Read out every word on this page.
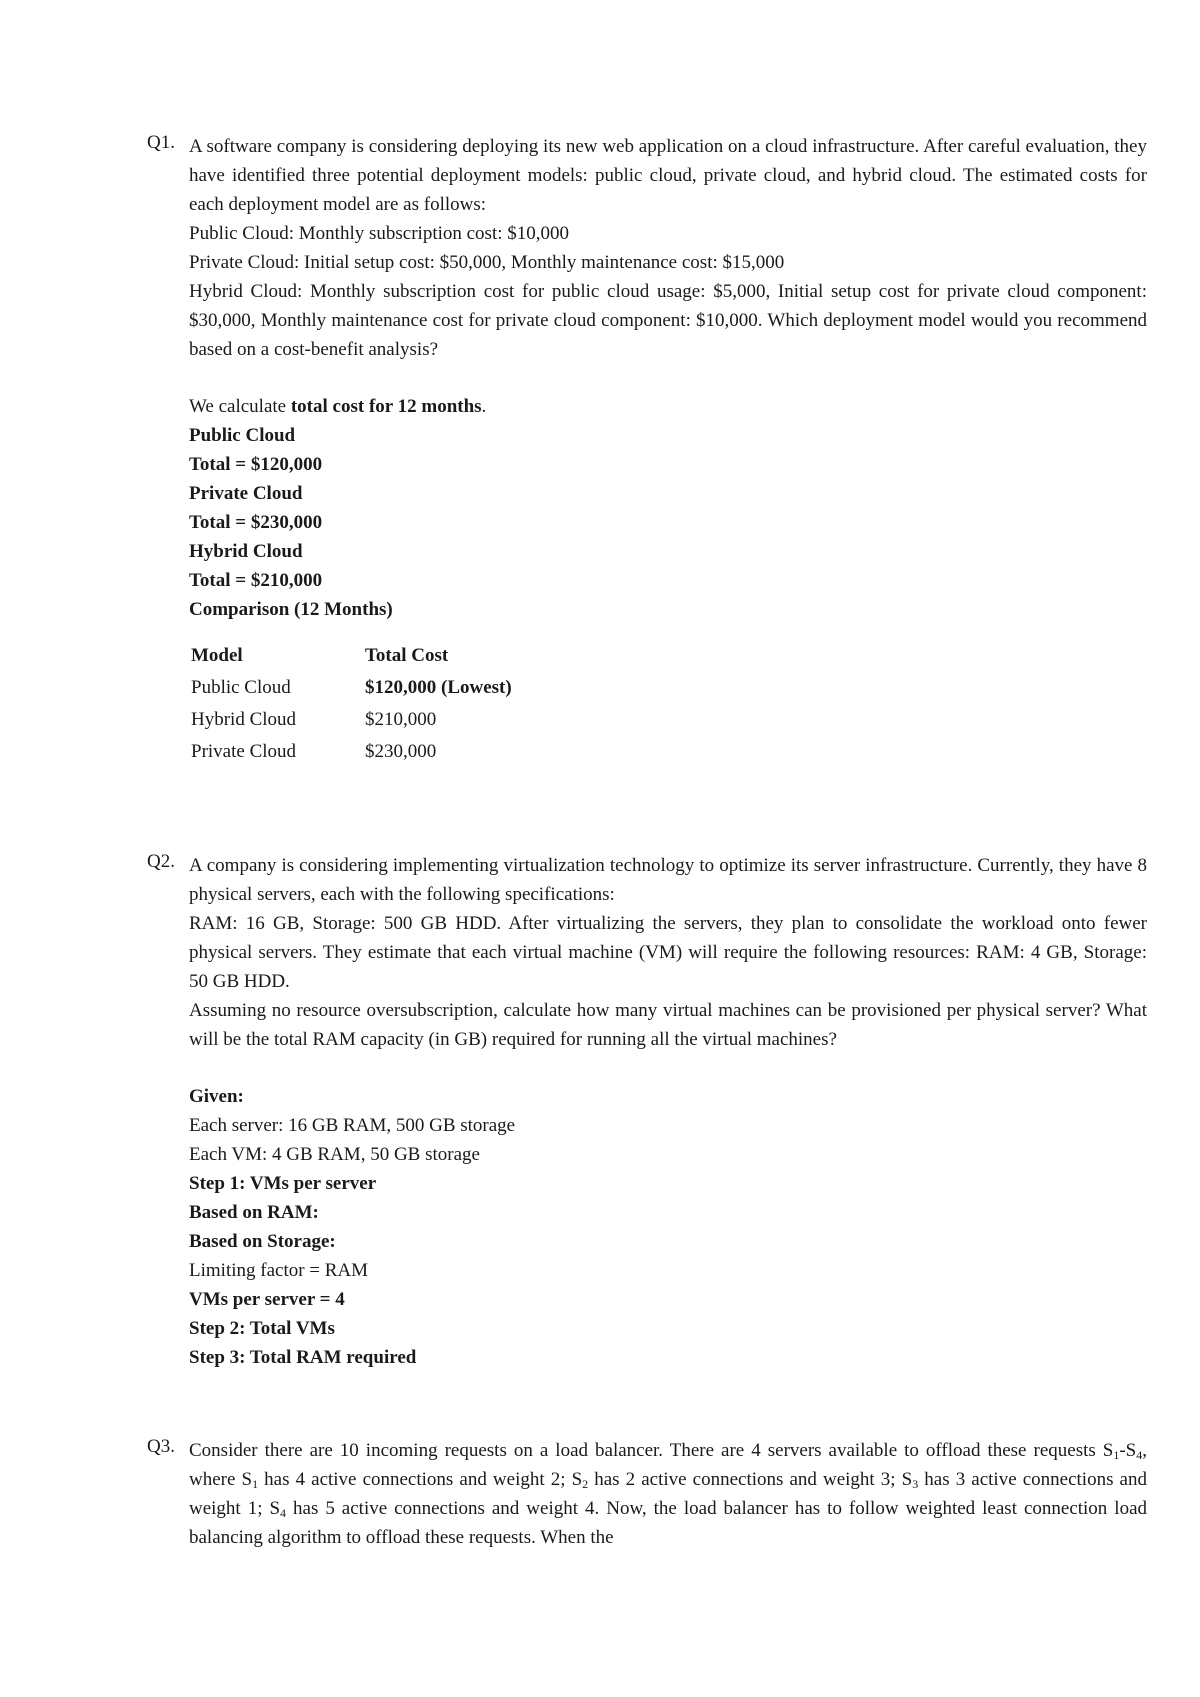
Q1. A software company is considering deploying its new web application on a cloud infrastructure. After careful evaluation, they have identified three potential deployment models: public cloud, private cloud, and hybrid cloud. The estimated costs for each deployment model are as follows:

Public Cloud: Monthly subscription cost: $10,000

Private Cloud: Initial setup cost: $50,000, Monthly maintenance cost: $15,000

Hybrid Cloud: Monthly subscription cost for public cloud usage: $5,000, Initial setup cost for private cloud component: $30,000, Monthly maintenance cost for private cloud component: $10,000. Which deployment model would you recommend based on a cost-benefit analysis?

We calculate total cost for 12 months.

Public Cloud

Total = $120,000

Private Cloud

Total = $230,000

Hybrid Cloud

Total = $210,000

Comparison (12 Months)

Model	Total Cost
Public Cloud	$120,000 (Lowest)
Hybrid Cloud	$210,000
Private Cloud	$230,000
Q2. A company is considering implementing virtualization technology to optimize its server infrastructure. Currently, they have 8 physical servers, each with the following specifications:

RAM: 16 GB, Storage: 500 GB HDD. After virtualizing the servers, they plan to consolidate the workload onto fewer physical servers. They estimate that each virtual machine (VM) will require the following resources: RAM: 4 GB, Storage: 50 GB HDD.

Assuming no resource oversubscription, calculate how many virtual machines can be provisioned per physical server? What will be the total RAM capacity (in GB) required for running all the virtual machines?

Given:

Each server: 16 GB RAM, 500 GB storage

Each VM: 4 GB RAM, 50 GB storage

Step 1: VMs per server

Based on RAM:

Based on Storage:

Limiting factor = RAM

VMs per server = 4

Step 2: Total VMs

Step 3: Total RAM required

Q3. Consider there are 10 incoming requests on a load balancer. There are 4 servers available to offload these requests $S_1-S_4$, where $S_1$ has 4 active connections and weight 2; $S_2$ has 2 active connections and weight 3; $S_3$ has 3 active connections and weight 1; $S_4$ has 5 active connections and weight 4. Now, the load balancer has to follow weighted least connection load balancing algorithm to offload these requests. When the
